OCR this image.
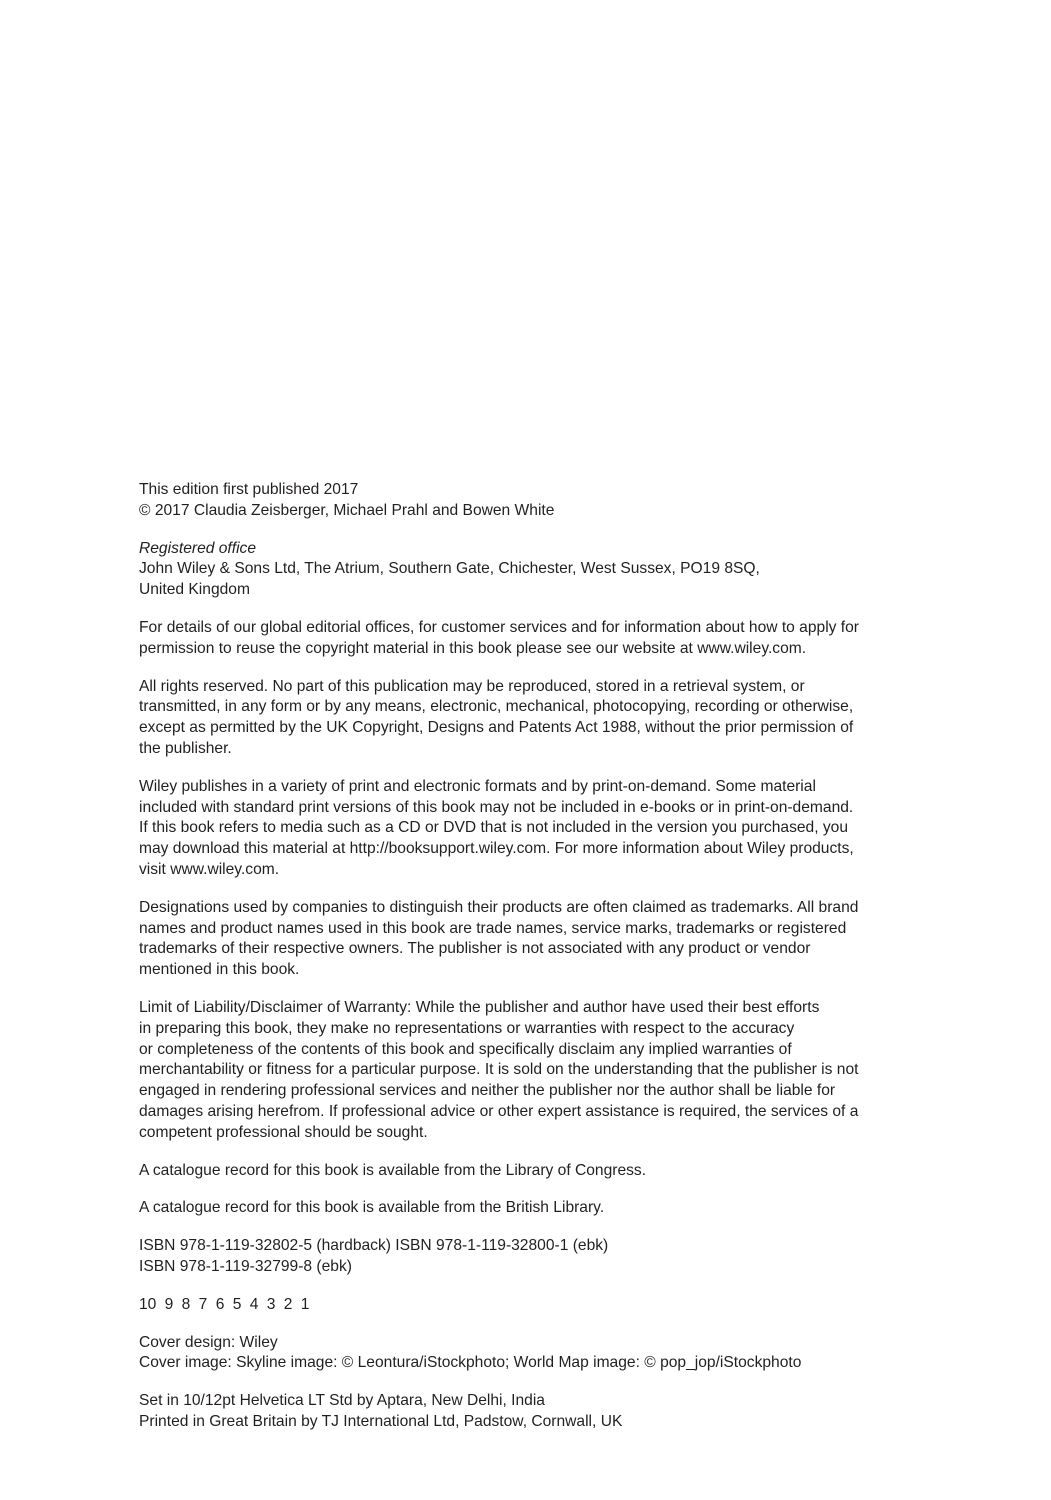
This edition first published 2017
© 2017 Claudia Zeisberger, Michael Prahl and Bowen White
Registered office
John Wiley & Sons Ltd, The Atrium, Southern Gate, Chichester, West Sussex, PO19 8SQ,
United Kingdom
For details of our global editorial offices, for customer services and for information about how to apply for
permission to reuse the copyright material in this book please see our website at www.wiley.com.
All rights reserved. No part of this publication may be reproduced, stored in a retrieval system, or
transmitted, in any form or by any means, electronic, mechanical, photocopying, recording or otherwise,
except as permitted by the UK Copyright, Designs and Patents Act 1988, without the prior permission of
the publisher.
Wiley publishes in a variety of print and electronic formats and by print-on-demand. Some material
included with standard print versions of this book may not be included in e-books or in print-on-demand.
If this book refers to media such as a CD or DVD that is not included in the version you purchased, you
may download this material at http://booksupport.wiley.com. For more information about Wiley products,
visit www.wiley.com.
Designations used by companies to distinguish their products are often claimed as trademarks. All brand
names and product names used in this book are trade names, service marks, trademarks or registered
trademarks of their respective owners. The publisher is not associated with any product or vendor
mentioned in this book.
Limit of Liability/Disclaimer of Warranty: While the publisher and author have used their best efforts
in preparing this book, they make no representations or warranties with respect to the accuracy
or completeness of the contents of this book and specifically disclaim any implied warranties of
merchantability or fitness for a particular purpose. It is sold on the understanding that the publisher is not
engaged in rendering professional services and neither the publisher nor the author shall be liable for
damages arising herefrom. If professional advice or other expert assistance is required, the services of a
competent professional should be sought.
A catalogue record for this book is available from the Library of Congress.
A catalogue record for this book is available from the British Library.
ISBN 978-1-119-32802-5 (hardback) ISBN 978-1-119-32800-1 (ebk)
ISBN 978-1-119-32799-8 (ebk)
10 9 8 7 6 5 4 3 2 1
Cover design: Wiley
Cover image: Skyline image: © Leontura/iStockphoto; World Map image: © pop_jop/iStockphoto
Set in 10/12pt Helvetica LT Std by Aptara, New Delhi, India
Printed in Great Britain by TJ International Ltd, Padstow, Cornwall, UK
